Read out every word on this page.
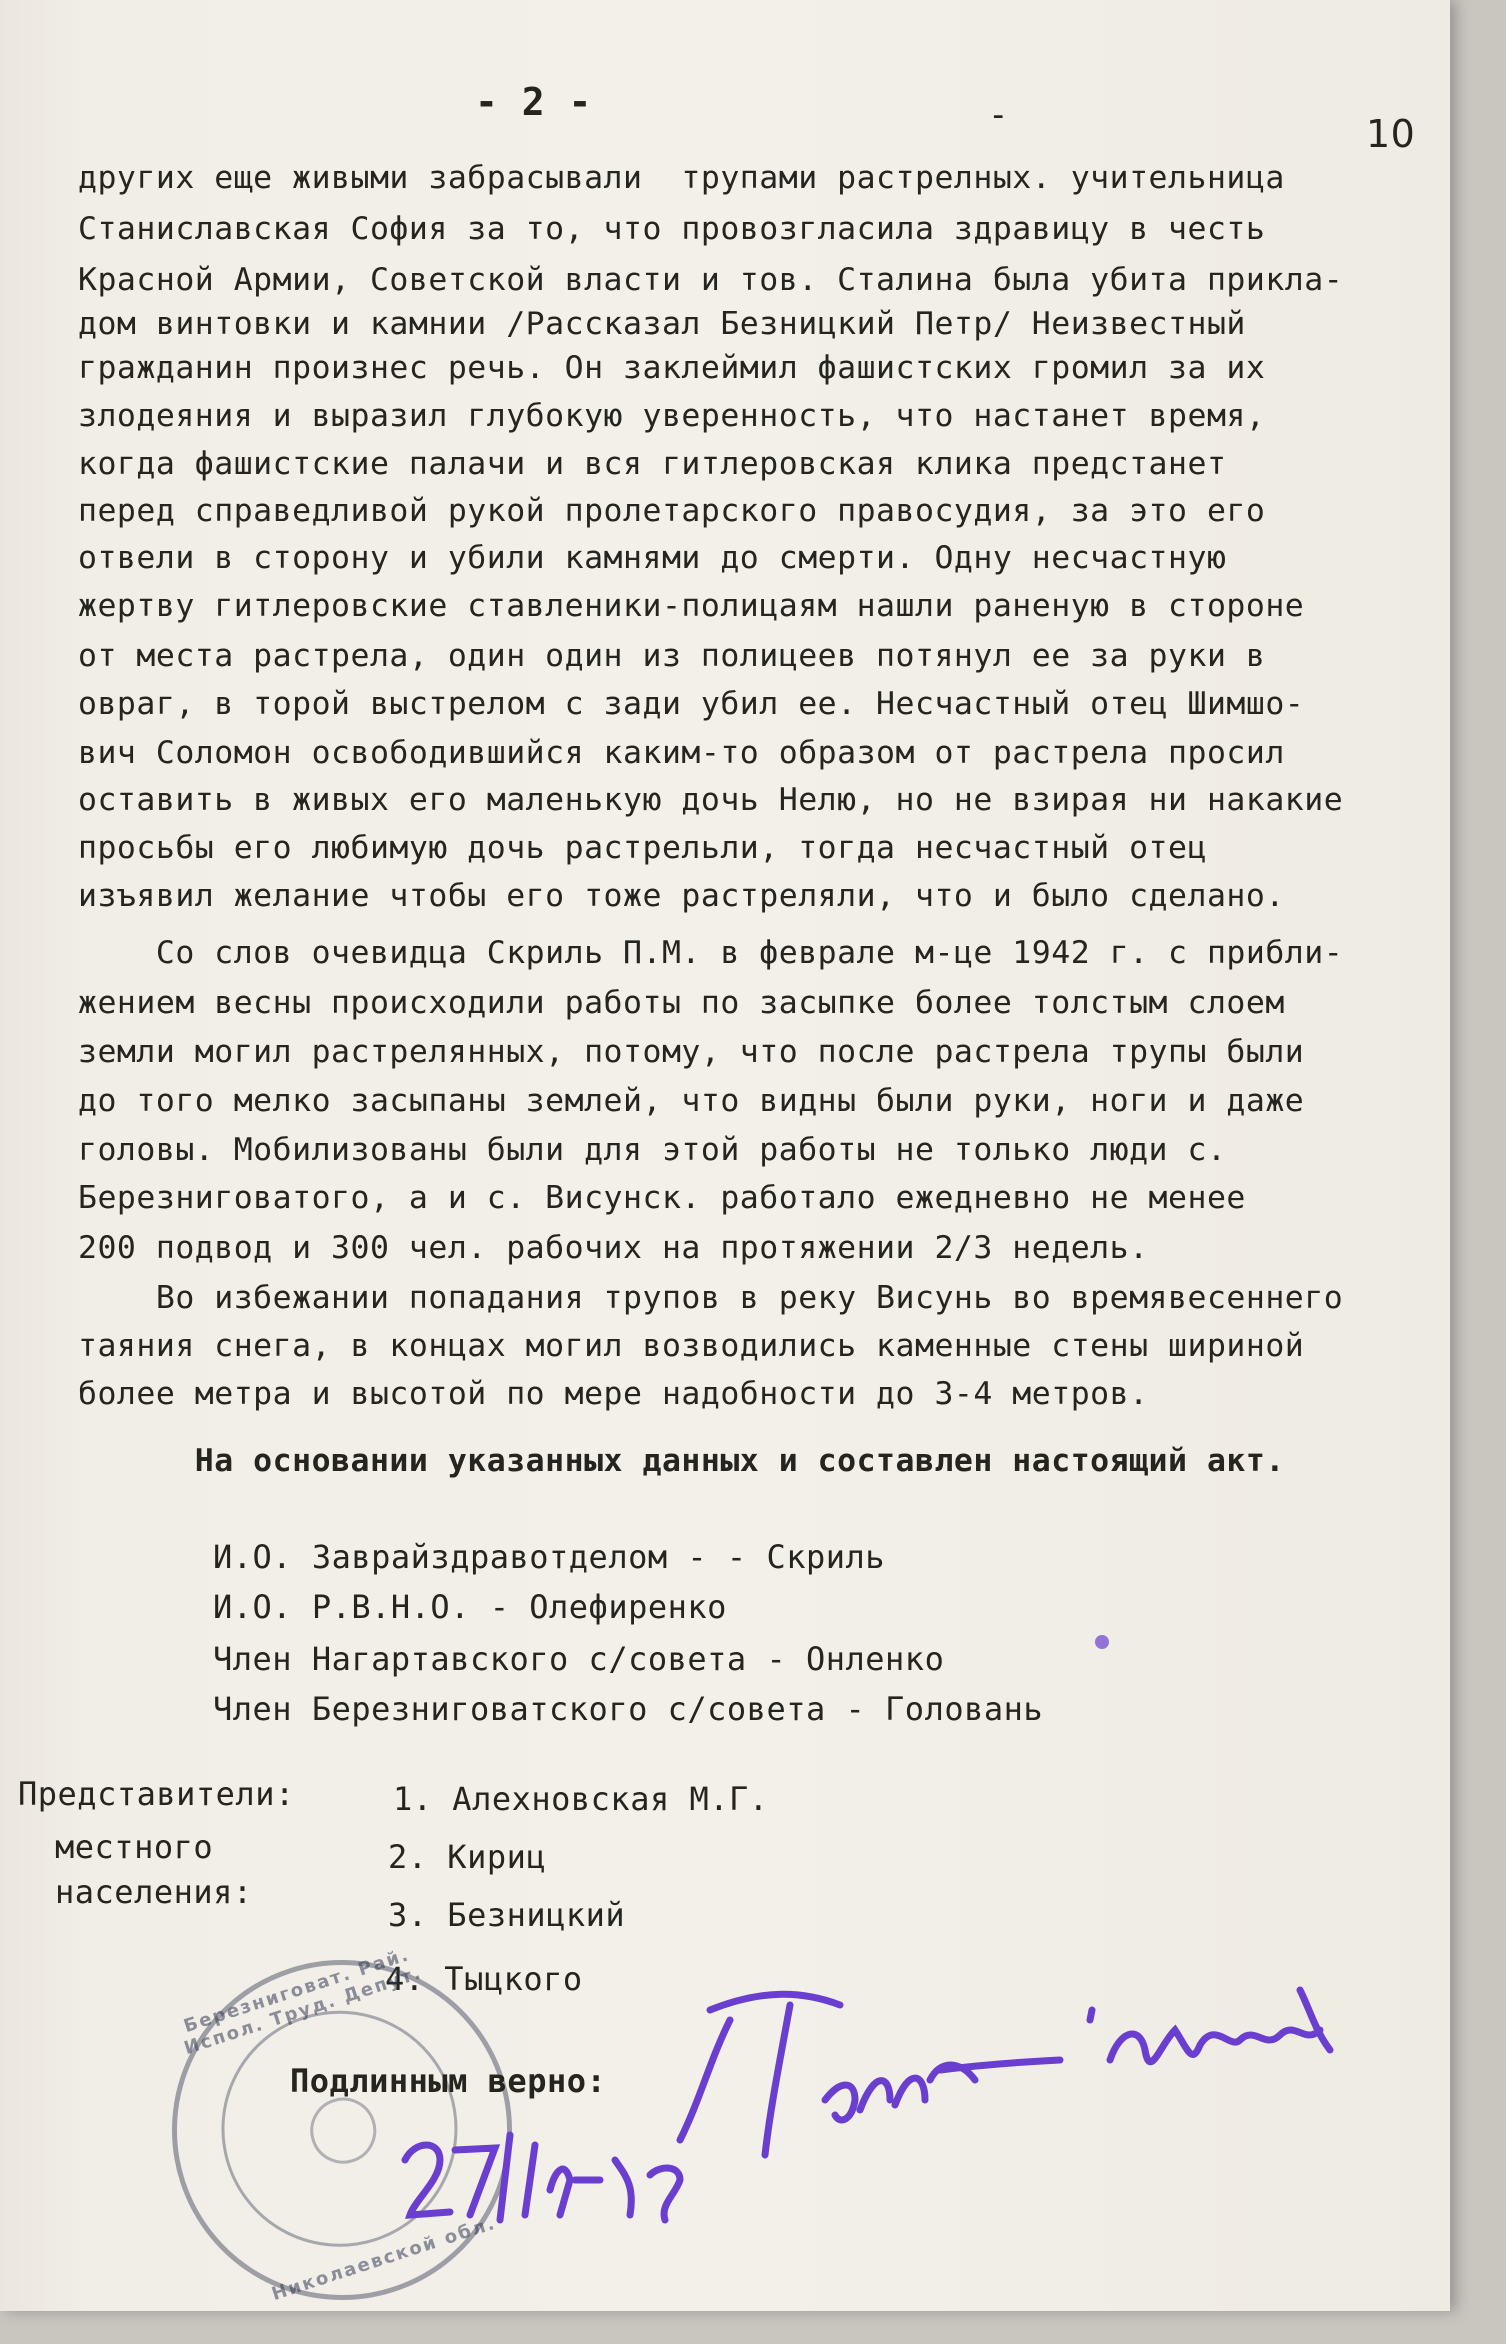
- 2 -	-	10
других еще живыми забрасывали  трупами растрелных. учительница
Станиславская София за то, что провозгласила здравицу в честь
Красной Армии, Советской власти и тов. Сталина была убита прикла-
дом винтовки и камнии /Рассказал Безницкий Петр/ Неизвестный
гражданин произнес речь. Он заклеймил фашистских громил за их
злодеяния и выразил глубокую уверенность, что настанет время,
когда фашистские палачи и вся гитлеровская клика предстанет
перед справедливой рукой пролетарского правосудия, за это его
отвели в сторону и убили камнями до смерти. Одну несчастную
жертву гитлеровские ставленики-полицаям нашли раненую в стороне
от места растрела, один один из полицеев потянул ее за руки в
овраг, в торой выстрелом с зади убил ее. Несчастный отец Шимшо-
вич Соломон освободившийся каким-то образом от растрела просил
оставить в живых его маленькую дочь Нелю, но не взирая ни накакие
просьбы его любимую дочь растрельли, тогда несчастный отец
изъявил желание чтобы его тоже растреляли, что и было сделано.
Со слов очевидца Скриль П.М. в феврале м-це 1942 г. с прибли-
жением весны происходили работы по засыпке более толстым слоем
земли могил растрелянных, потому, что после растрела трупы были
до того мелко засыпаны землей, что видны были руки, ноги и даже
головы. Мобилизованы были для этой работы не только люди с.
Березниговатого, а и с. Висунск. работало ежедневно не менее
200 подвод и 300 чел. рабочих на протяжении 2/3 недель.
Во избежании попадания трупов в реку Висунь во времявесеннего
таяния снега, в концах могил возводились каменные стены шириной
более метра и высотой по мере надобности до 3-4 метров.
На основании указанных данных и составлен настоящий акт.
И.О. Заврайздравотделом - - Скриль
И.О. Р.В.Н.О. - Олефиренко
Член Нагартавского с/совета - Онленко
Член Березниговатского с/совета - Головань
Представители:
местного
населения:
1. Алехновская М.Г.
2. Кириц
3. Безницкий
4. Тыцкого
Березниговат. Рай. Испол. Труд. Депут.
Николаевской обл.
Подлинным верно:
